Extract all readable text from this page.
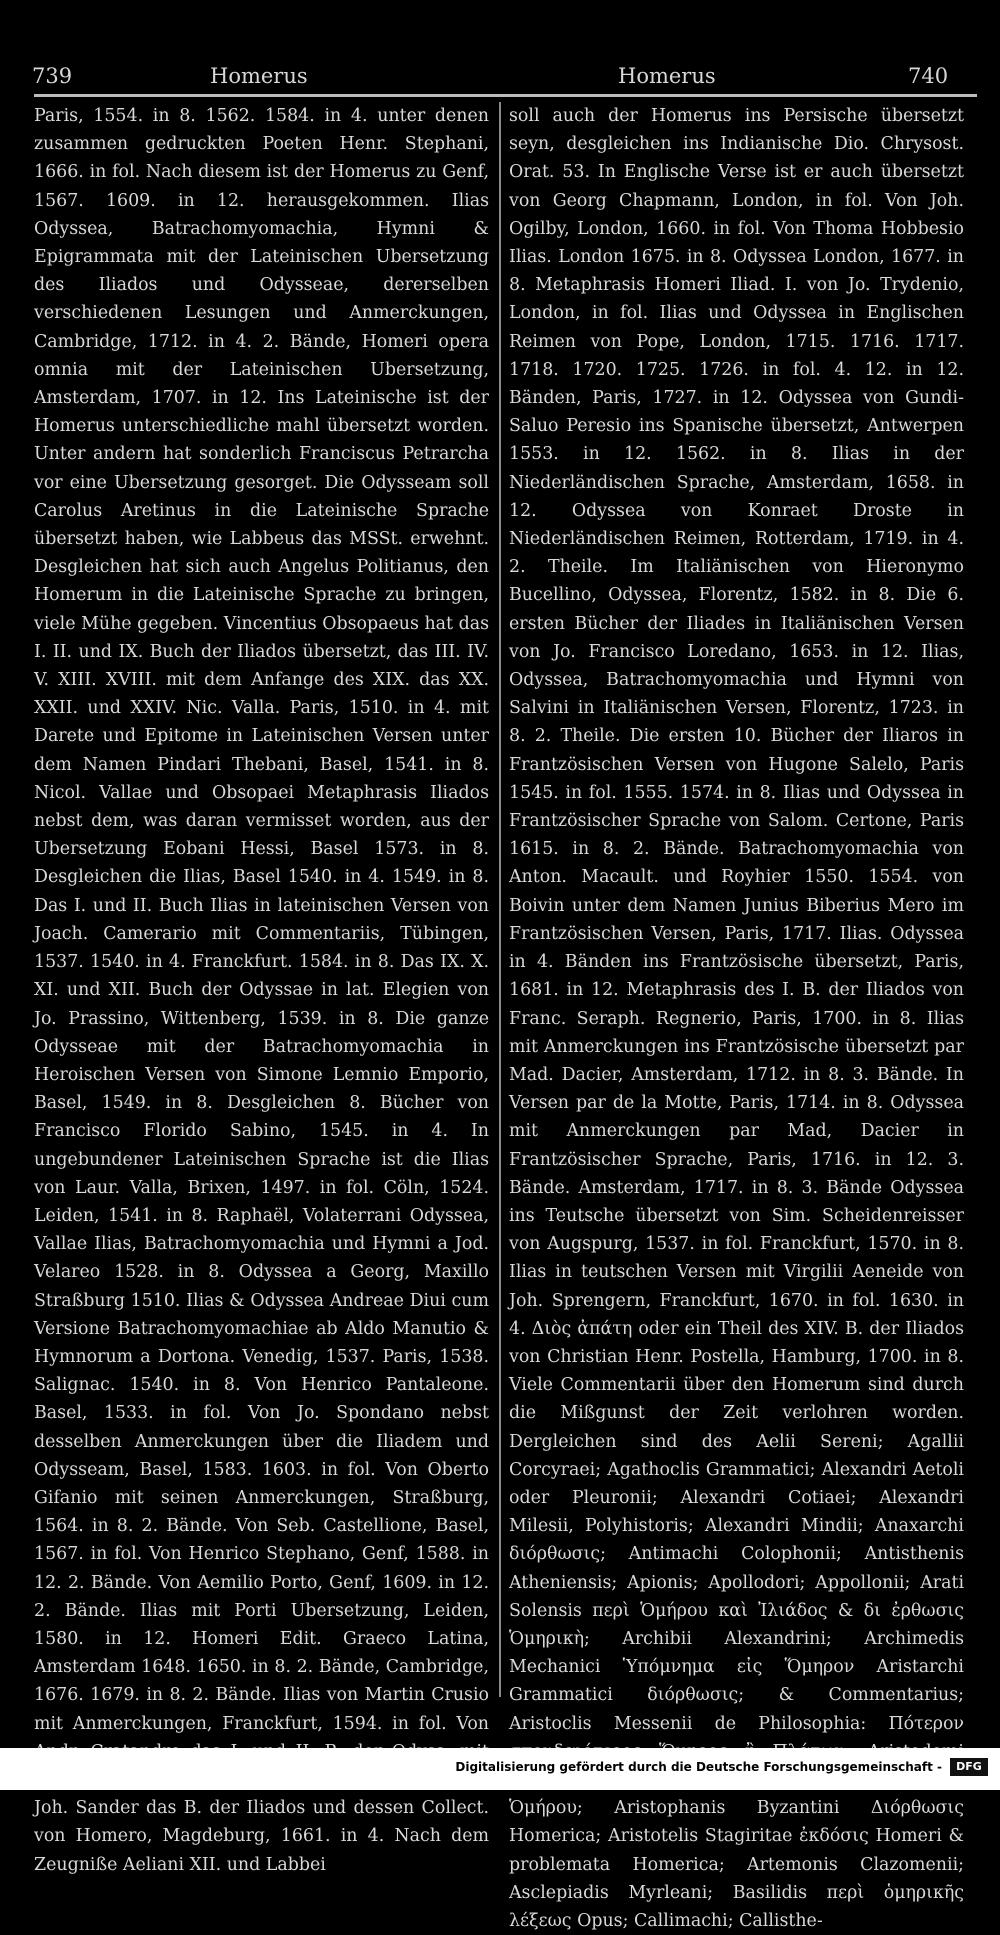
739	Homerus	Homerus	740

Paris, 1554. in 8. 1562. 1584. in 4. unter denen zusammen gedruckten Poeten Henr. Stephani, 1666. in fol. Nach diesem ist der Homerus zu Genf, 1567. 1609. in 12. herausgekommen. Ilias Odyssea, Batrachomyomachia, Hymni & Epigrammata mit der Lateinischen Ubersetzung des Iliados und Odysseae, dererselben verschiedenen Lesungen und Anmerckungen, Cambridge, 1712. in 4. 2. Bände, Homeri opera omnia mit der Lateinischen Ubersetzung, Amsterdam, 1707. in 12. Ins Lateinische ist der Homerus unterschiedliche mahl übersetzt worden. Unter andern hat sonderlich Franciscus Petrarcha vor eine Ubersetzung gesorget. Die Odysseam soll Carolus Aretinus in die Lateinische Sprache übersetzt haben, wie Labbeus das MSSt. erwehnt. Desgleichen hat sich auch Angelus Politianus, den Homerum in die Lateinische Sprache zu bringen, viele Mühe gegeben. Vincentius Obsopaeus hat das I. II. und IX. Buch der Iliados übersetzt, das III. IV. V. XIII. XVIII. mit dem Anfange des XIX. das XX. XXII. und XXIV. Nic. Valla. Paris, 1510. in 4. mit Darete und Epitome in Lateinischen Versen unter dem Namen Pindari Thebani, Basel, 1541. in 8. Nicol. Vallae und Obsopaei Metaphrasis Iliados nebst dem, was daran vermisset worden, aus der Ubersetzung Eobani Hessi, Basel 1573. in 8. Desgleichen die Ilias, Basel 1540. in 4. 1549. in 8. Das I. und II. Buch Ilias in lateinischen Versen von Joach. Camerario mit Commentariis, Tübingen, 1537. 1540. in 4. Franckfurt. 1584. in 8. Das IX. X. XI. und XII. Buch der Odyssae in lat. Elegien von Jo. Prassino, Wittenberg, 1539. in 8. Die ganze Odysseae mit der Batrachomyomachia in Heroischen Versen von Simone Lemnio Emporio, Basel, 1549. in 8. Desgleichen 8. Bücher von Francisco Florido Sabino, 1545. in 4. In ungebundener Lateinischen Sprache ist die Ilias von Laur. Valla, Brixen, 1497. in fol. Cöln, 1524. Leiden, 1541. in 8. Raphaël, Volaterrani Odyssea, Vallae Ilias, Batrachomyomachia und Hymni a Jod. Velareo 1528. in 8. Odyssea a Georg, Maxillo Straßburg 1510. Ilias & Odyssea Andreae Diui cum Versione Batrachomyomachiae ab Aldo Manutio & Hymnorum a Dortona. Venedig, 1537. Paris, 1538. Salignac. 1540. in 8. Von Henrico Pantaleone. Basel, 1533. in fol. Von Jo. Spondano nebst desselben Anmerckungen über die Iliadem und Odysseam, Basel, 1583. 1603. in fol. Von Oberto Gifanio mit seinen Anmerckungen, Straßburg, 1564. in 8. 2. Bände. Von Seb. Castellione, Basel, 1567. in fol. Von Henrico Stephano, Genf, 1588. in 12. 2. Bände. Von Aemilio Porto, Genf, 1609. in 12. 2. Bände. Ilias mit Porti Ubersetzung, Leiden, 1580. in 12. Homeri Edit. Graeco Latina, Amsterdam 1648. 1650. in 8. 2. Bände, Cambridge, 1676. 1679. in 8. 2. Bände. Ilias von Martin Crusio mit Anmerckungen, Franckfurt, 1594. in fol. Von Joh. Sander das B. der Iliados und dessen Collect. von Homero, Magdeburg, 1661. in 4. Nach dem Zeugniße Aeliani XII. und Labbei

soll auch der Homerus ins Persische übersetzt seyn, desgleichen ins Indianische Dio. Chrysost. Orat. 53. In Englische Verse ist er auch übersetzt von Georg Chapmann, London, in fol. Von Joh. Ogilby, London, 1660. in fol. Von Thoma Hobbesio Ilias. London 1675. in 8. Odyssea London, 1677. in 8. Metaphrasis Homeri Iliad. I. von Jo. Trydenio, London, in fol. Ilias und Odyssea in Englischen Reimen von Pope, London, 1715. 1716. 1717. 1718. 1720. 1725. 1726. in fol. 4. 12. in 12. Bänden, Paris, 1727. in 12. Odyssea von Gundi-Saluo Peresio ins Spanische übersetzt, Antwerpen 1553. in 12. 1562. in 8. Ilias in der Niederländischen Sprache, Amsterdam, 1658. in 12. Odyssea von Konraet Droste in Niederländischen Reimen, Rotterdam, 1719. in 4. 2. Theile. Im Italiänischen von Hieronymo Bucellino, Odyssea, Florentz, 1582. in 8. Die 6. ersten Bücher der Iliades in Italiänischen Versen von Jo. Francisco Loredano, 1653. in 12. Ilias, Odyssea, Batrachomyomachia und Hymni von Salvini in Italiänischen Versen, Florentz, 1723. in 8. 2. Theile. Die ersten 10. Bücher der Iliaros in Frantzösischen Versen von Hugone Salelo, Paris 1545. in fol. 1555. 1574. in 8. Ilias und Odyssea in Frantzösischer Sprache von Salom. Certone, Paris 1615. in 8. 2. Bände. Batrachomyomachia von Anton. Macault. und Royhier 1550. 1554. von Boivin unter dem Namen Junius Biberius Mero im Frantzösischen Versen, Paris, 1717. Ilias. Odyssea in 4. Bänden ins Frantzösische übersetzt, Paris, 1681. in 12. Metaphrasis des I. B. der Iliados von Franc. Seraph. Regnerio, Paris, 1700. in 8. Ilias mit Anmerckungen ins Frantzösische übersetzt par Mad. Dacier, Amsterdam, 1712. in 8. 3. Bände. In Versen par de la Motte, Paris, 1714. in 8. Odyssea mit Anmerckungen par Mad, Dacier in Frantzösischer Sprache, Paris, 1716. in 12. 3. Bände. Amsterdam, 1717. in 8. 3. Bände Odyssea ins Teutsche übersetzt von Sim. Scheidenreisser von Augspurg, 1537. in fol. Franckfurt, 1570. in 8. Ilias in teutschen Versen mit Virgilii Aeneide von Joh. Sprengern, Franckfurt, 1670. in fol. 1630. in 4. Διὸς ἀπάτη oder ein Theil des XIV. B. der Iliados von Christian Henr. Postella, Hamburg, 1700. in 8. Viele Commentarii über den Homerum sind durch die Mißgunst der Zeit verlohren worden. Dergleichen sind des Aelii Sereni; Agallii Corcyraei; Agathoclis Grammatici; Alexandri Aetoli oder Pleuronii; Alexandri Cotiaei; Alexandri Milesii, Polyhistoris; Alexandri Mindii; Anaxarchi διόρθωσις; Antimachi Colophonii; Antisthenis Atheniensis; Apionis; Apollodori; Appollonii; Arati Solensis περὶ Ὁμήρου καὶ Ἰλιάδος & δι ἐρθωσις Ὁμηρικὴ; Archibii Alexandrini; Archimedis Mechanici Ὑπόμνημα εἰς Ὅμηρον Aristarchi Grammatici διόρθωσις; & Commentarius; Aristoclis Messenii de Philosophia: Πότερον Ὁμήρου; Aristophanis Byzantini Διόρθωσις Homerica; Aristotelis Stagiritae ἐκδόσις Homeri & problemata Homerica; Artemonis Clazomenii; Asclepiadis Myrleani; Basilidis περὶ ὁμηρικῆς λέξεως Opus; Callimachi; Callisthe-

Digitalisierung gefördert durch die Deutsche Forschungsgemeinschaft -	DFG
